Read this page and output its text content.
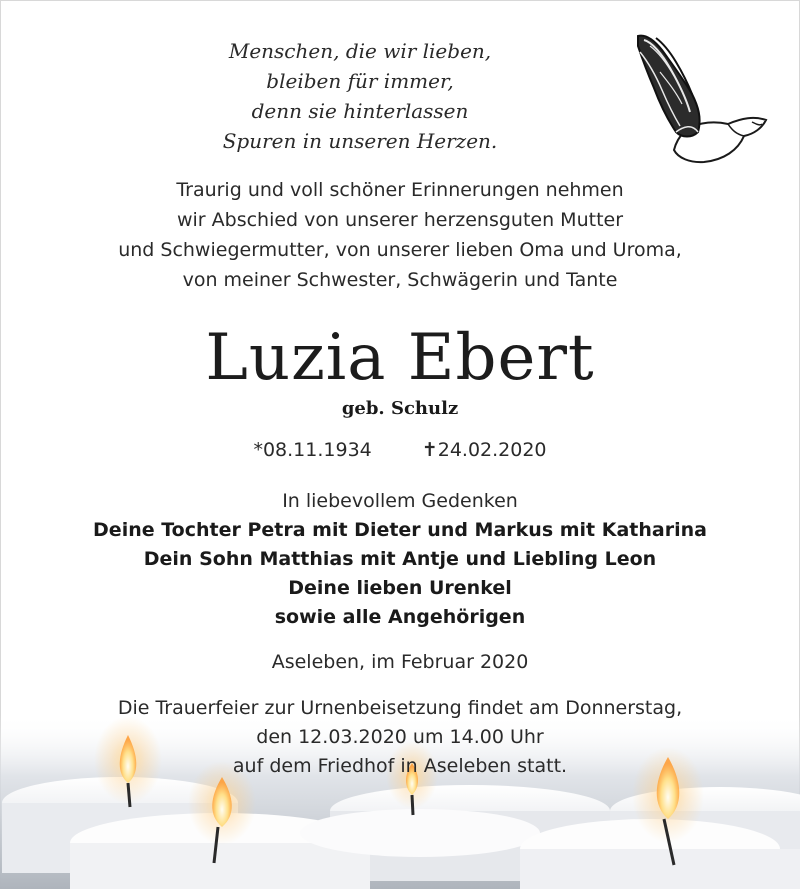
Menschen, die wir lieben,
bleiben für immer,
denn sie hinterlassen
Spuren in unseren Herzen.
Traurig und voll schöner Erinnerungen nehmen
wir Abschied von unserer herzensguten Mutter
und Schwiegermutter, von unserer lieben Oma und Uroma,
von meiner Schwester, Schwägerin und Tante
Luzia Ebert
geb. Schulz
*08.11.1934	✝24.02.2020
In liebevollem Gedenken
Deine Tochter Petra mit Dieter und Markus mit Katharina
Dein Sohn Matthias mit Antje und Liebling Leon
Deine lieben Urenkel
sowie alle Angehörigen
Aseleben, im Februar 2020
Die Trauerfeier zur Urnenbeisetzung findet am Donnerstag,
den 12.03.2020 um 14.00 Uhr
auf dem Friedhof in Aseleben statt.
